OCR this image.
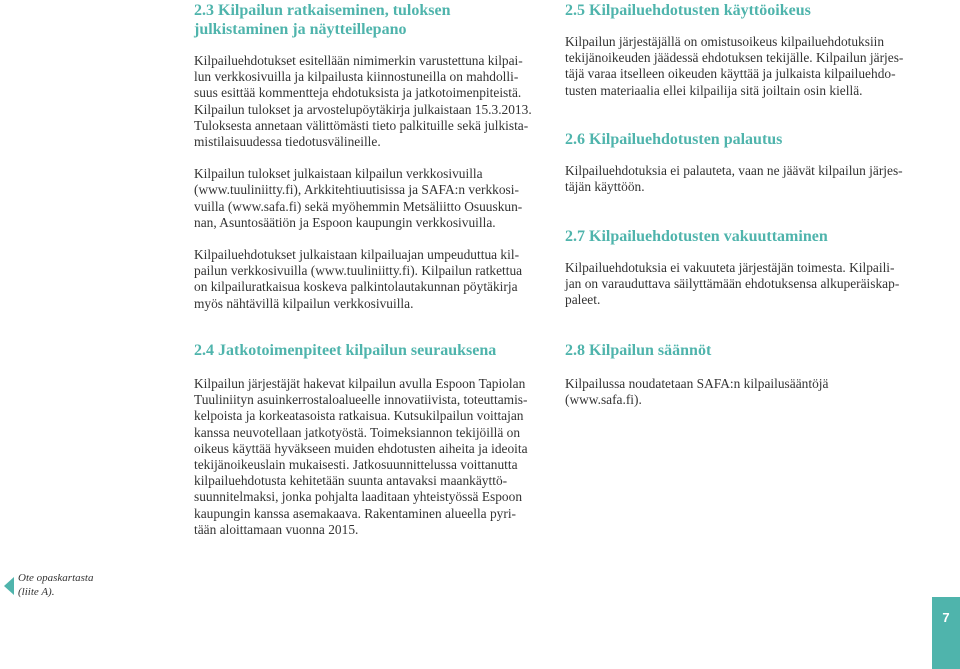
2.3 Kilpailun ratkaiseminen, tuloksen
julkistaminen ja näytteillepano
Kilpailuehdotukset esitellään nimimerkin varustettuna kilpai-
lun verkkosivuilla ja kilpailusta kiinnostuneilla on mahdolli-
suus esittää kommentteja ehdotuksista ja jatkotoimenpiteistä.
Kilpailun tulokset ja arvostelupöytäkirja julkaistaan 15.3.2013.
Tuloksesta annetaan välittömästi tieto palkituille sekä julkista-
mistilaisuudessa tiedotusvälineille.
Kilpailun tulokset julkaistaan kilpailun verkkosivuilla
(www.tuuliniitty.fi), Arkkitehtiuutisissa ja SAFA:n verkkosi-
vuilla (www.safa.fi) sekä myöhemmin Metsäliitto Osuuskun-
nan, Asuntosäätiön ja Espoon kaupungin verkkosivuilla.
Kilpailuehdotukset julkaistaan kilpailuajan umpeuduttua kil-
pailun verkkosivuilla (www.tuuliniitty.fi). Kilpailun ratkettua
on kilpailuratkaisua koskeva palkintolautakunnan pöytäkirja
myös nähtävillä kilpailun verkkosivuilla.
2.4 Jatkotoimenpiteet kilpailun seurauksena
Kilpailun järjestäjät hakevat kilpailun avulla Espoon Tapiolan
Tuuliniityn asuinkerrostaloalueelle innovatiivista, toteuttamis-
kelpoista ja korkeatasoista ratkaisua. Kutsukilpailun voittajan
kanssa neuvotellaan jatkotyöstä. Toimeksiannon tekijöillä on
oikeus käyttää hyväkseen muiden ehdotusten aiheita ja ideoita
tekijänoikeuslain mukaisesti. Jatkosuunnittelussa voittanutta
kilpailuehdotusta kehitetään suunta antavaksi maankäyttö-
suunnitelmaksi, jonka pohjalta laaditaan yhteistyössä Espoon
kaupungin kanssa asemakaava. Rakentaminen alueella pyri-
tään aloittamaan vuonna 2015.
2.5 Kilpailuehdotusten käyttöoikeus
Kilpailun järjestäjällä on omistusoikeus kilpailuehdotuksiin
tekijänoikeuden jäädessä ehdotuksen tekijälle. Kilpailun järjes-
täjä varaa itselleen oikeuden käyttää ja julkaista kilpailuehdo-
tusten materiaalia ellei kilpailija sitä joiltain osin kiellä.
2.6 Kilpailuehdotusten palautus
Kilpailuehdotuksia ei palauteta, vaan ne jäävät kilpailun järjes-
täjän käyttöön.
2.7 Kilpailuehdotusten vakuuttaminen
Kilpailuehdotuksia ei vakuuteta järjestäjän toimesta. Kilpaili-
jan on varauduttava säilyttämään ehdotuksensa alkuperäiskap-
paleet.
2.8 Kilpailun säännöt
Kilpailussa noudatetaan SAFA:n kilpailusääntöjä
(www.safa.fi).
Ote opaskartasta
(liite A).
7
